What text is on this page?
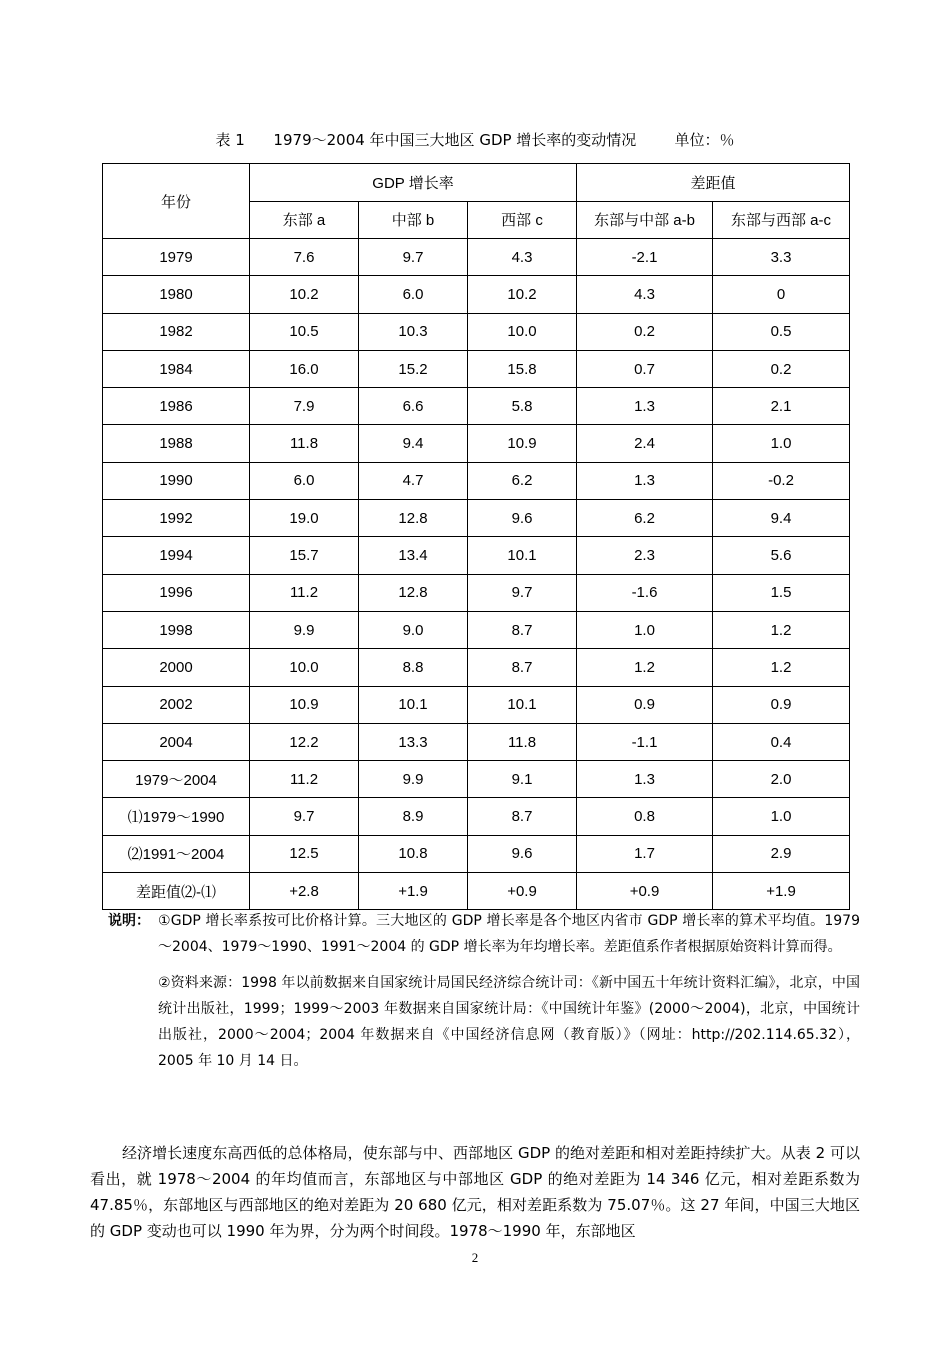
表 1      1979～2004 年中国三大地区 GDP 增长率的变动情况        单位：％
年份	GDP 增长率			差距值	
	东部 a	中部 b	西部 c	东部与中部 a-b	东部与西部 a-c
1979	7.6	9.7	4.3	-2.1	3.3
1980	10.2	6.0	10.2	4.3	0
1982	10.5	10.3	10.0	0.2	0.5
1984	16.0	15.2	15.8	0.7	0.2
1986	7.9	6.6	5.8	1.3	2.1
1988	11.8	9.4	10.9	2.4	1.0
1990	6.0	4.7	6.2	1.3	-0.2
1992	19.0	12.8	9.6	6.2	9.4
1994	15.7	13.4	10.1	2.3	5.6
1996	11.2	12.8	9.7	-1.6	1.5
1998	9.9	9.0	8.7	1.0	1.2
2000	10.0	8.8	8.7	1.2	1.2
2002	10.9	10.1	10.1	0.9	0.9
2004	12.2	13.3	11.8	-1.1	0.4
1979～2004	11.2	9.9	9.1	1.3	2.0
⑴1979～1990	9.7	8.9	8.7	0.8	1.0
⑵1991～2004	12.5	10.8	9.6	1.7	2.9
差距值⑵-⑴	+2.8	+1.9	+0.9	+0.9	+1.9
说明： ①GDP 增长率系按可比价格计算。三大地区的 GDP 增长率是各个地区内省市 GDP 增长率的算术平均值。1979～2004、1979～1990、1991～2004 的 GDP 增长率为年均增长率。差距值系作者根据原始资料计算而得。
②资料来源：1998 年以前数据来自国家统计局国民经济综合统计司：《新中国五十年统计资料汇编》，北京，中国统计出版社，1999；1999～2003 年数据来自国家统计局：《中国统计年鉴》(2000～2004)，北京，中国统计出版社，2000～2004；2004 年数据来自《中国经济信息网（教育版）》（网址：http://202.114.65.32），2005 年 10 月 14 日。
经济增长速度东高西低的总体格局，使东部与中、西部地区 GDP 的绝对差距和相对差距持续扩大。从表 2 可以看出，就 1978～2004 的年均值而言，东部地区与中部地区 GDP 的绝对差距为 14 346 亿元，相对差距系数为 47.85％，东部地区与西部地区的绝对差距为 20 680 亿元，相对差距系数为 75.07％。这 27 年间，中国三大地区的 GDP 变动也可以 1990 年为界，分为两个时间段。1978～1990 年，东部地区
2
